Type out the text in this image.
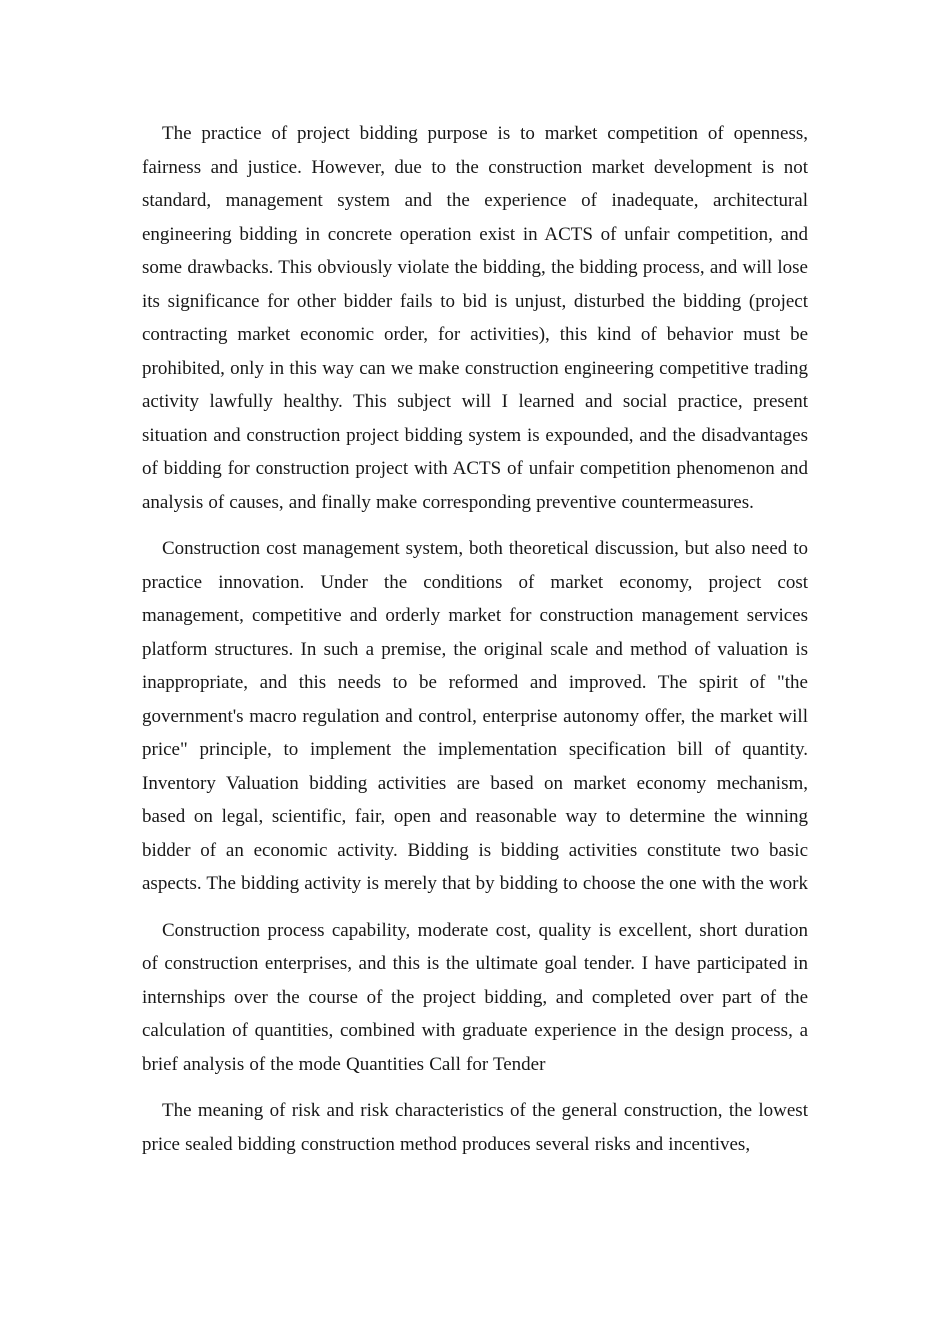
The practice of project bidding purpose is to market competition of openness, fairness and justice. However, due to the construction market development is not standard, management system and the experience of inadequate, architectural engineering bidding in concrete operation exist in ACTS of unfair competition, and some drawbacks. This obviously violate the bidding, the bidding process, and will lose its significance for other bidder fails to bid is unjust, disturbed the bidding (project contracting market economic order, for activities), this kind of behavior must be prohibited, only in this way can we make construction engineering competitive trading activity lawfully healthy. This subject will I learned and social practice, present situation and construction project bidding system is expounded, and the disadvantages of bidding for construction project with ACTS of unfair competition phenomenon and analysis of causes, and finally make corresponding preventive countermeasures.

Construction cost management system, both theoretical discussion, but also need to practice innovation. Under the conditions of market economy, project cost management, competitive and orderly market for construction management services platform structures. In such a premise, the original scale and method of valuation is inappropriate, and this needs to be reformed and improved. The spirit of "the government's macro regulation and control, enterprise autonomy offer, the market will price" principle, to implement the implementation specification bill of quantity. Inventory Valuation bidding activities are based on market economy mechanism, based on legal, scientific, fair, open and reasonable way to determine the winning bidder of an economic activity. Bidding is bidding activities constitute two basic aspects. The bidding activity is merely that by bidding to choose the one with the work

Construction process capability, moderate cost, quality is excellent, short duration of construction enterprises, and this is the ultimate goal tender. I have participated in internships over the course of the project bidding, and completed over part of the calculation of quantities, combined with graduate experience in the design process, a brief analysis of the mode Quantities Call for Tender

The meaning of risk and risk characteristics of the general construction, the lowest price sealed bidding construction method produces several risks and incentives,
